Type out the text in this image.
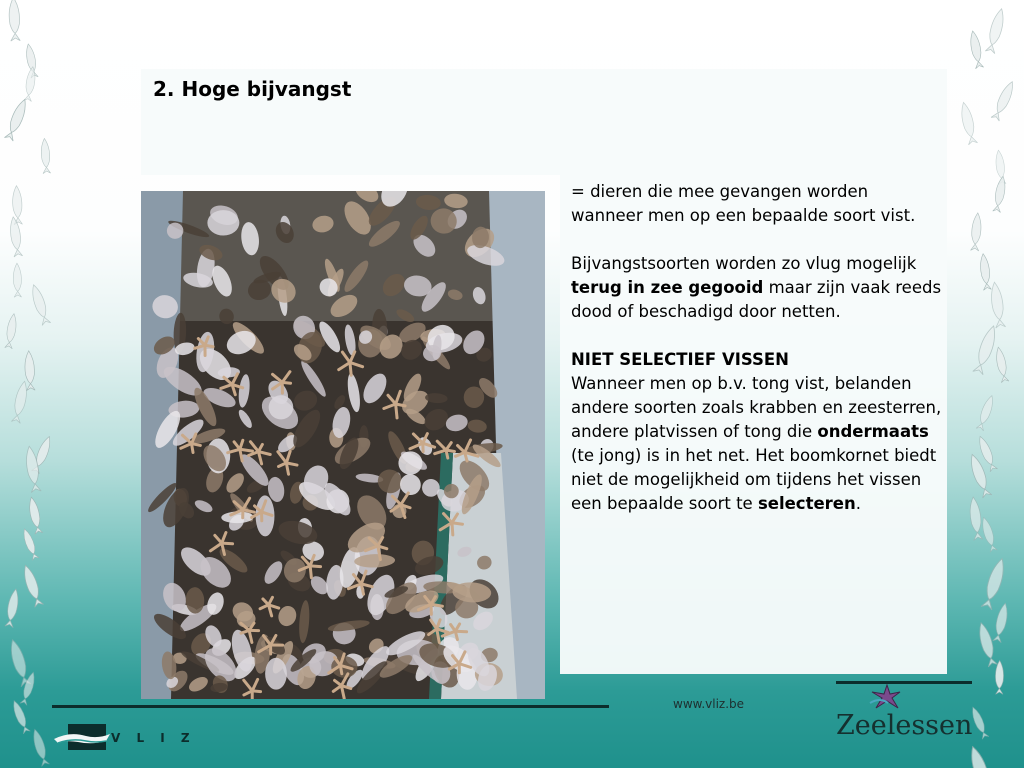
2. Hoge bijvangst

= dieren die mee gevangen worden wanneer men op een bepaalde soort vist.

Bijvangstsoorten worden zo vlug mogelijk terug in zee gegooid maar zijn vaak reeds dood of beschadigd door netten.

NIET SELECTIEF VISSEN
Wanneer men op b.v. tong vist, belanden andere soorten zoals krabben en zeesterren, andere platvissen of tong die ondermaats (te jong) is in het net. Het boomkornet biedt niet de mogelijkheid om tijdens het vissen een bepaalde soort te selecteren.

www.vliz.be
V L I Z	Zeelessen
